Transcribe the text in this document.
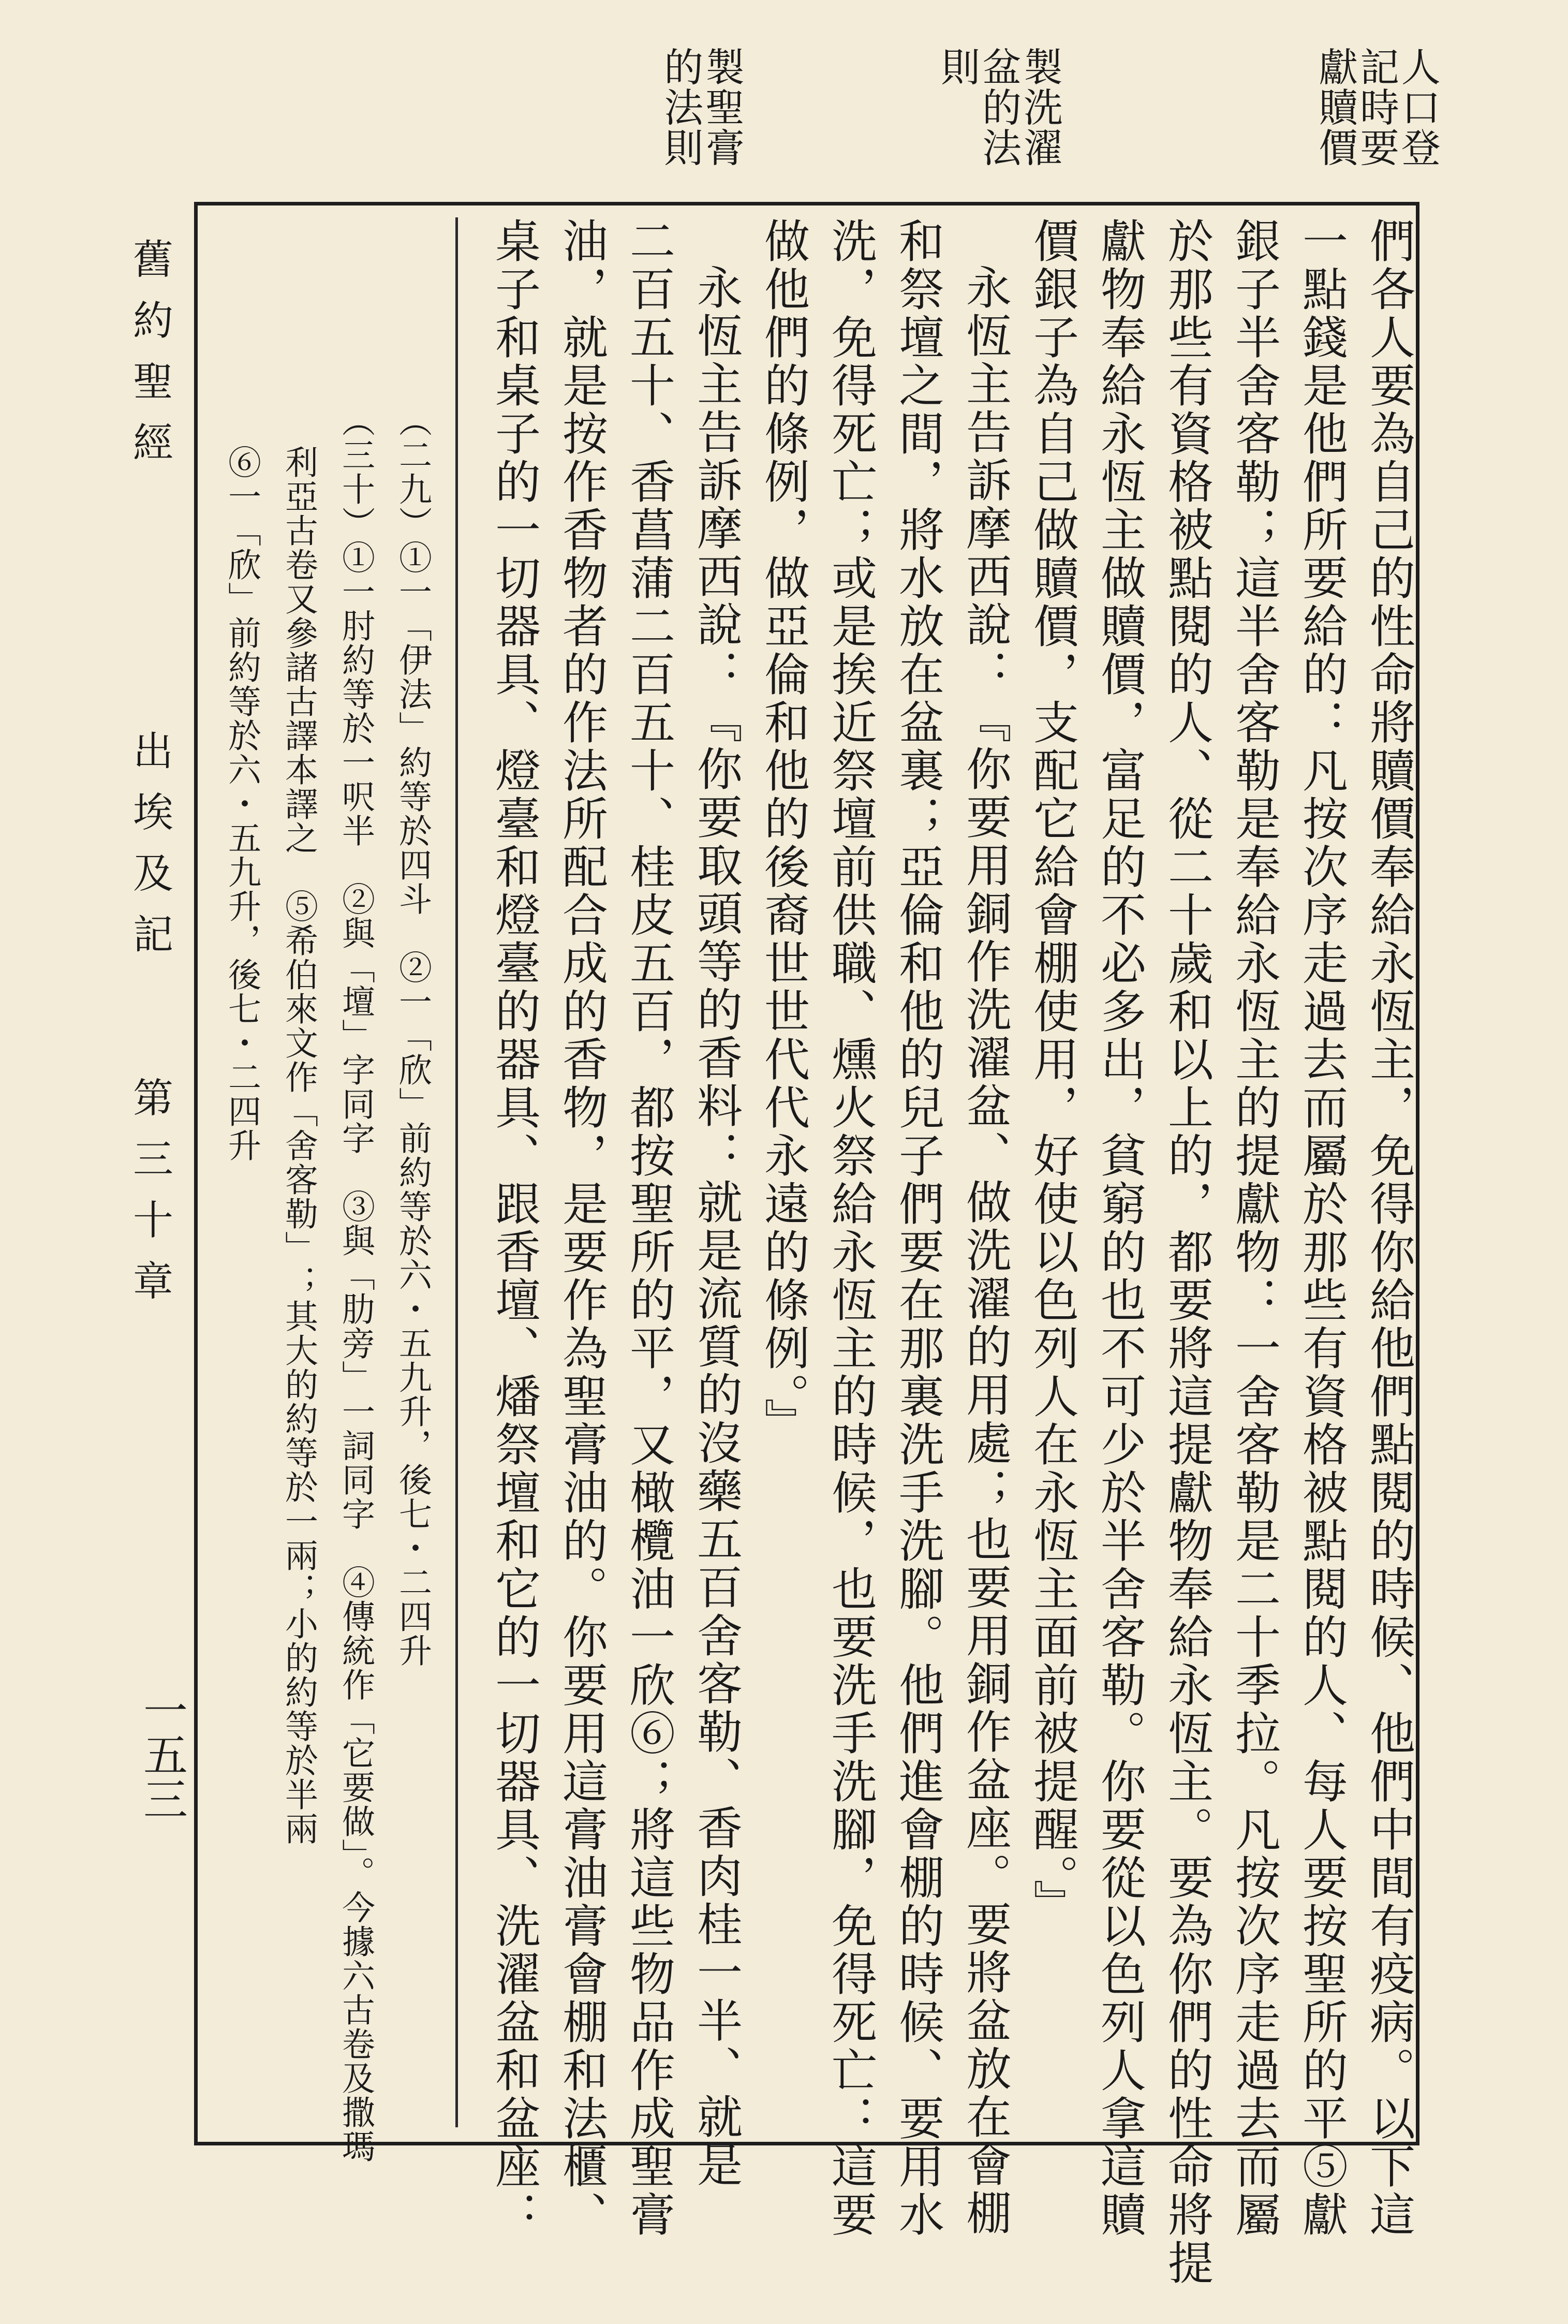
人口登記時要獻贖價
製洗濯盆的法則
製聖膏的法則
們各人要為自己的性命將贖價奉給永恆主，免得你給他們點閱的時候、他們中間有疫病。以下這
一點錢是他們所要給的：凡按次序走過去而屬於那些有資格被點閱的人、每人要按聖所的平⑤獻
銀子半舍客勒；這半舍客勒是奉給永恆主的提獻物：一舍客勒是二十季拉。凡按次序走過去而屬
於那些有資格被點閱的人、從二十歲和以上的，都要將這提獻物奉給永恆主。要為你們的性命將提
獻物奉給永恆主做贖價，富足的不必多出，貧窮的也不可少於半舍客勒。你要從以色列人拿這贖
價銀子為自己做贖價，支配它給會棚使用，好使以色列人在永恆主面前被提醒。』
永恆主告訴摩西說：『你要用銅作洗濯盆、做洗濯的用處；也要用銅作盆座。要將盆放在會棚
和祭壇之間，將水放在盆裏；亞倫和他的兒子們要在那裏洗手洗腳。他們進會棚的時候、要用水
洗，免得死亡；或是挨近祭壇前供職、燻火祭給永恆主的時候，也要洗手洗腳，免得死亡：這要
做他們的條例，做亞倫和他的後裔世世代代永遠的條例。』
永恆主告訴摩西說：『你要取頭等的香料：就是流質的沒藥五百舍客勒、香肉桂一半、就是
二百五十、香菖蒲二百五十、桂皮五百，都按聖所的平，又橄欖油一欣⑥；將這些物品作成聖膏
油，就是按作香物者的作法所配合成的香物，是要作為聖膏油的。你要用這膏油膏會棚和法櫃、
桌子和桌子的一切器具、燈臺和燈臺的器具、跟香壇、燔祭壇和它的一切器具、洗濯盆和盆座：
（二九）①一「伊法」約等於四斗　②一「欣」前約等於六・五九升，後七・二四升
（三十）①一肘約等於一呎半　②與「壇」字同字　③與「肋旁」一詞同字　④傳統作「它要做」。今據六古卷及撒瑪
利亞古卷又參諸古譯本譯之　⑤希伯來文作「舍客勒」；其大的約等於一兩；小的約等於半兩
⑥一「欣」前約等於六・五九升，後七・二四升
舊約聖經
出埃及記
第三十章
一五三
